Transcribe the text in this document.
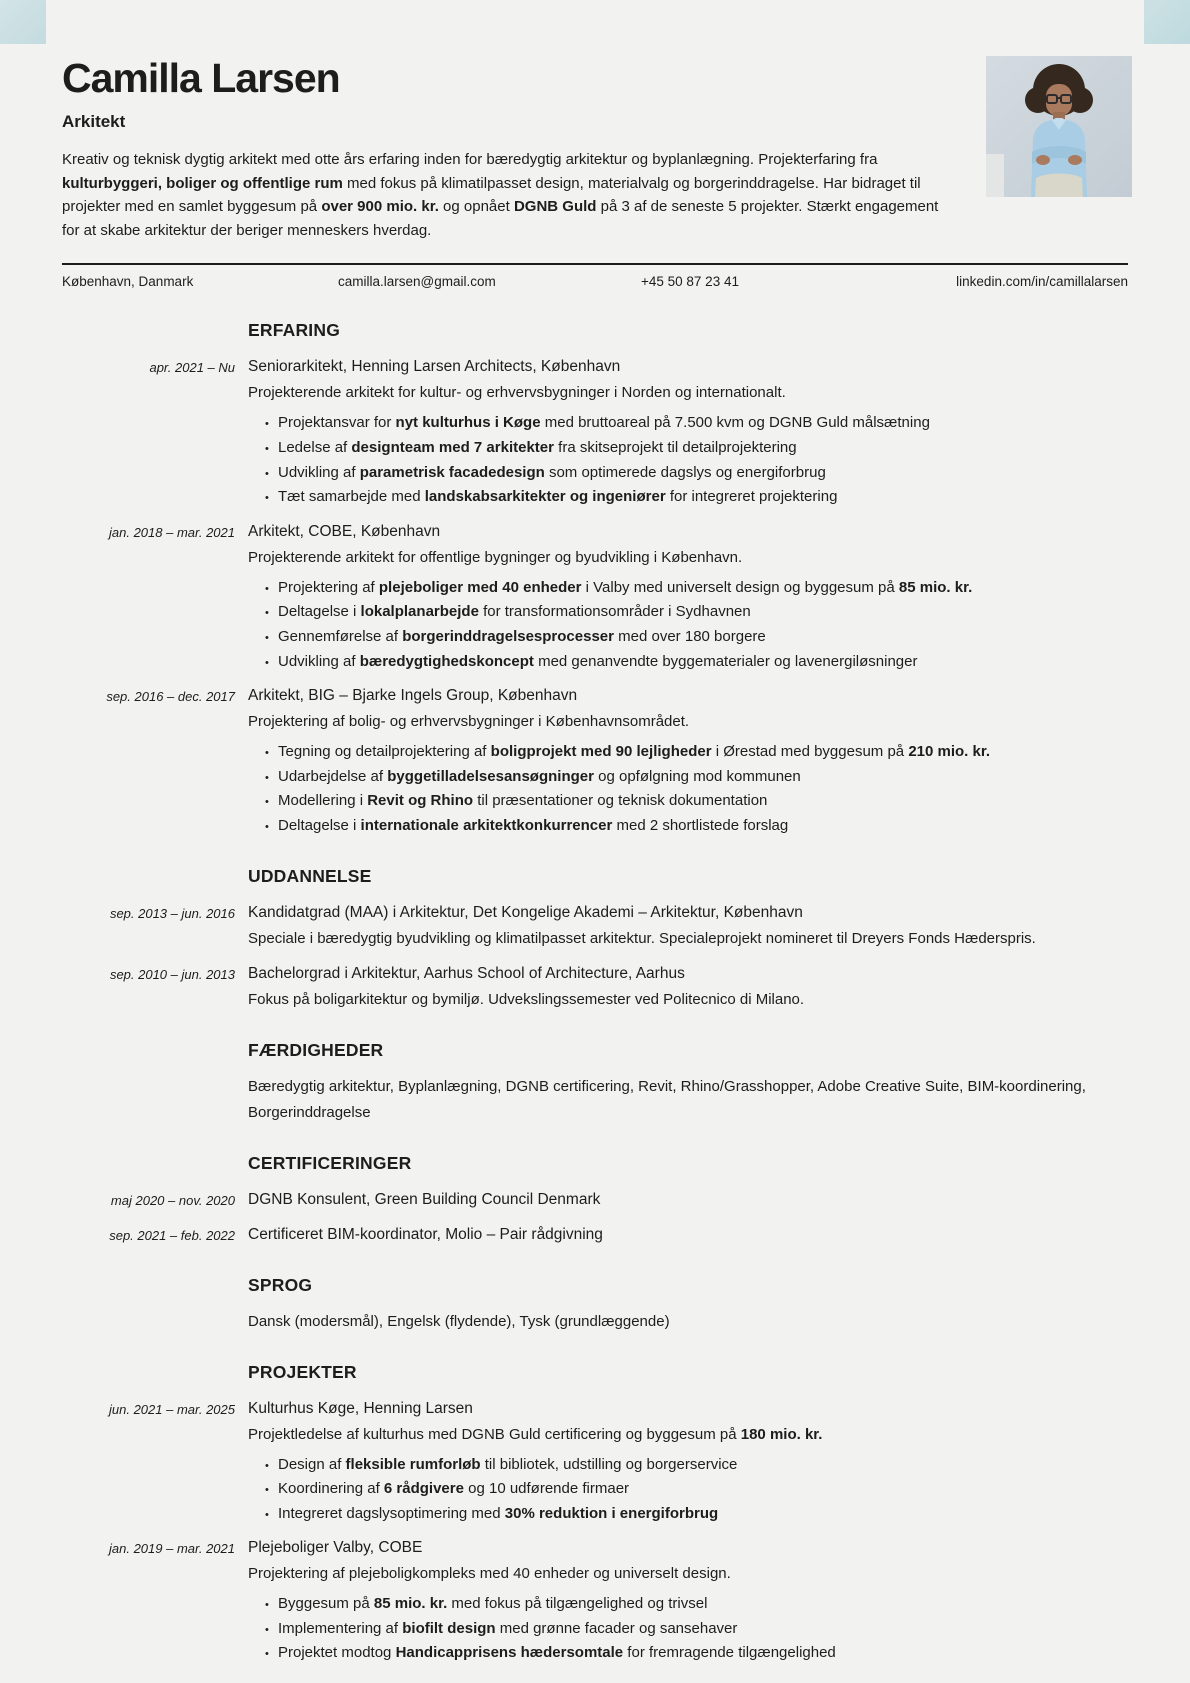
Camilla Larsen
Arkitekt

Kreativ og teknisk dygtig arkitekt med otte års erfaring inden for bæredygtig arkitektur og byplanlægning. Projekterfaring fra kulturbyggeri, boliger og offentlige rum med fokus på klimatilpasset design, materialvalg og borgerinddragelse. Har bidraget til projekter med en samlet byggesum på over 900 mio. kr. og opnået DGNB Guld på 3 af de seneste 5 projekter. Stærkt engagement for at skabe arkitektur der beriger menneskers hverdag.

København, Danmark	camilla.larsen@gmail.com	+45 50 87 23 41	linkedin.com/in/camillalarsen
ERFARING
apr. 2021 – Nu Seniorarkitekt, Henning Larsen Architects, København
Projekterende arkitekt for kultur- og erhvervsbygninger i Norden og internationalt.
• Projektansvar for nyt kulturhus i Køge med bruttoareal på 7.500 kvm og DGNB Guld målsætning
• Ledelse af designteam med 7 arkitekter fra skitseprojekt til detailprojektering
• Udvikling af parametrisk facadedesign som optimerede dagslys og energiforbrug
• Tæt samarbejde med landskabsarkitekter og ingeniører for integreret projektering
jan. 2018 – mar. 2021 Arkitekt, COBE, København
Projekterende arkitekt for offentlige bygninger og byudvikling i København.
• Projektering af plejeboliger med 40 enheder i Valby med universelt design og byggesum på 85 mio. kr.
• Deltagelse i lokalplanarbejde for transformationsområder i Sydhavnen
• Gennemførelse af borgerinddragelsesprocesser med over 180 borgere
• Udvikling af bæredygtighedskoncept med genanvendte byggematerialer og lavenergiløsninger
sep. 2016 – dec. 2017 Arkitekt, BIG – Bjarke Ingels Group, København
Projektering af bolig- og erhvervsbygninger i Københavnsområdet.
• Tegning og detailprojektering af boligprojekt med 90 lejligheder i Ørestad med byggesum på 210 mio. kr.
• Udarbejdelse af byggetilladelsesansøgninger og opfølgning mod kommunen
• Modellering i Revit og Rhino til præsentationer og teknisk dokumentation
• Deltagelse i internationale arkitektkonkurrencer med 2 shortlistede forslag
UDDANNELSE
sep. 2013 – jun. 2016 Kandidatgrad (MAA) i Arkitektur, Det Kongelige Akademi – Arkitektur, København
Speciale i bæredygtig byudvikling og klimatilpasset arkitektur. Specialeprojekt nomineret til Dreyers Fonds Hæderspris.
sep. 2010 – jun. 2013 Bachelorgrad i Arkitektur, Aarhus School of Architecture, Aarhus
Fokus på boligarkitektur og bymiljø. Udvekslingssemester ved Politecnico di Milano.
FÆRDIGHEDER
Bæredygtig arkitektur, Byplanlægning, DGNB certificering, Revit, Rhino/Grasshopper, Adobe Creative Suite, BIM-koordinering, Borgerinddragelse
CERTIFICERINGER
maj 2020 – nov. 2020 DGNB Konsulent, Green Building Council Denmark
sep. 2021 – feb. 2022 Certificeret BIM-koordinator, Molio – Pair rådgivning
SPROG
Dansk (modersmål), Engelsk (flydende), Tysk (grundlæggende)
PROJEKTER
jun. 2021 – mar. 2025 Kulturhus Køge, Henning Larsen
Projektledelse af kulturhus med DGNB Guld certificering og byggesum på 180 mio. kr.
• Design af fleksible rumforløb til bibliotek, udstilling og borgerservice
• Koordinering af 6 rådgivere og 10 udførende firmaer
• Integreret dagslysoptimering med 30% reduktion i energiforbrug
jan. 2019 – mar. 2021 Plejeboliger Valby, COBE
Projektering af plejeboligkompleks med 40 enheder og universelt design.
• Byggesum på 85 mio. kr. med fokus på tilgængelighed og trivsel
• Implementering af biofilt design med grønne facader og sansehaver
• Projektet modtog Handicapprisens hædersomtale for fremragende tilgængelighed
